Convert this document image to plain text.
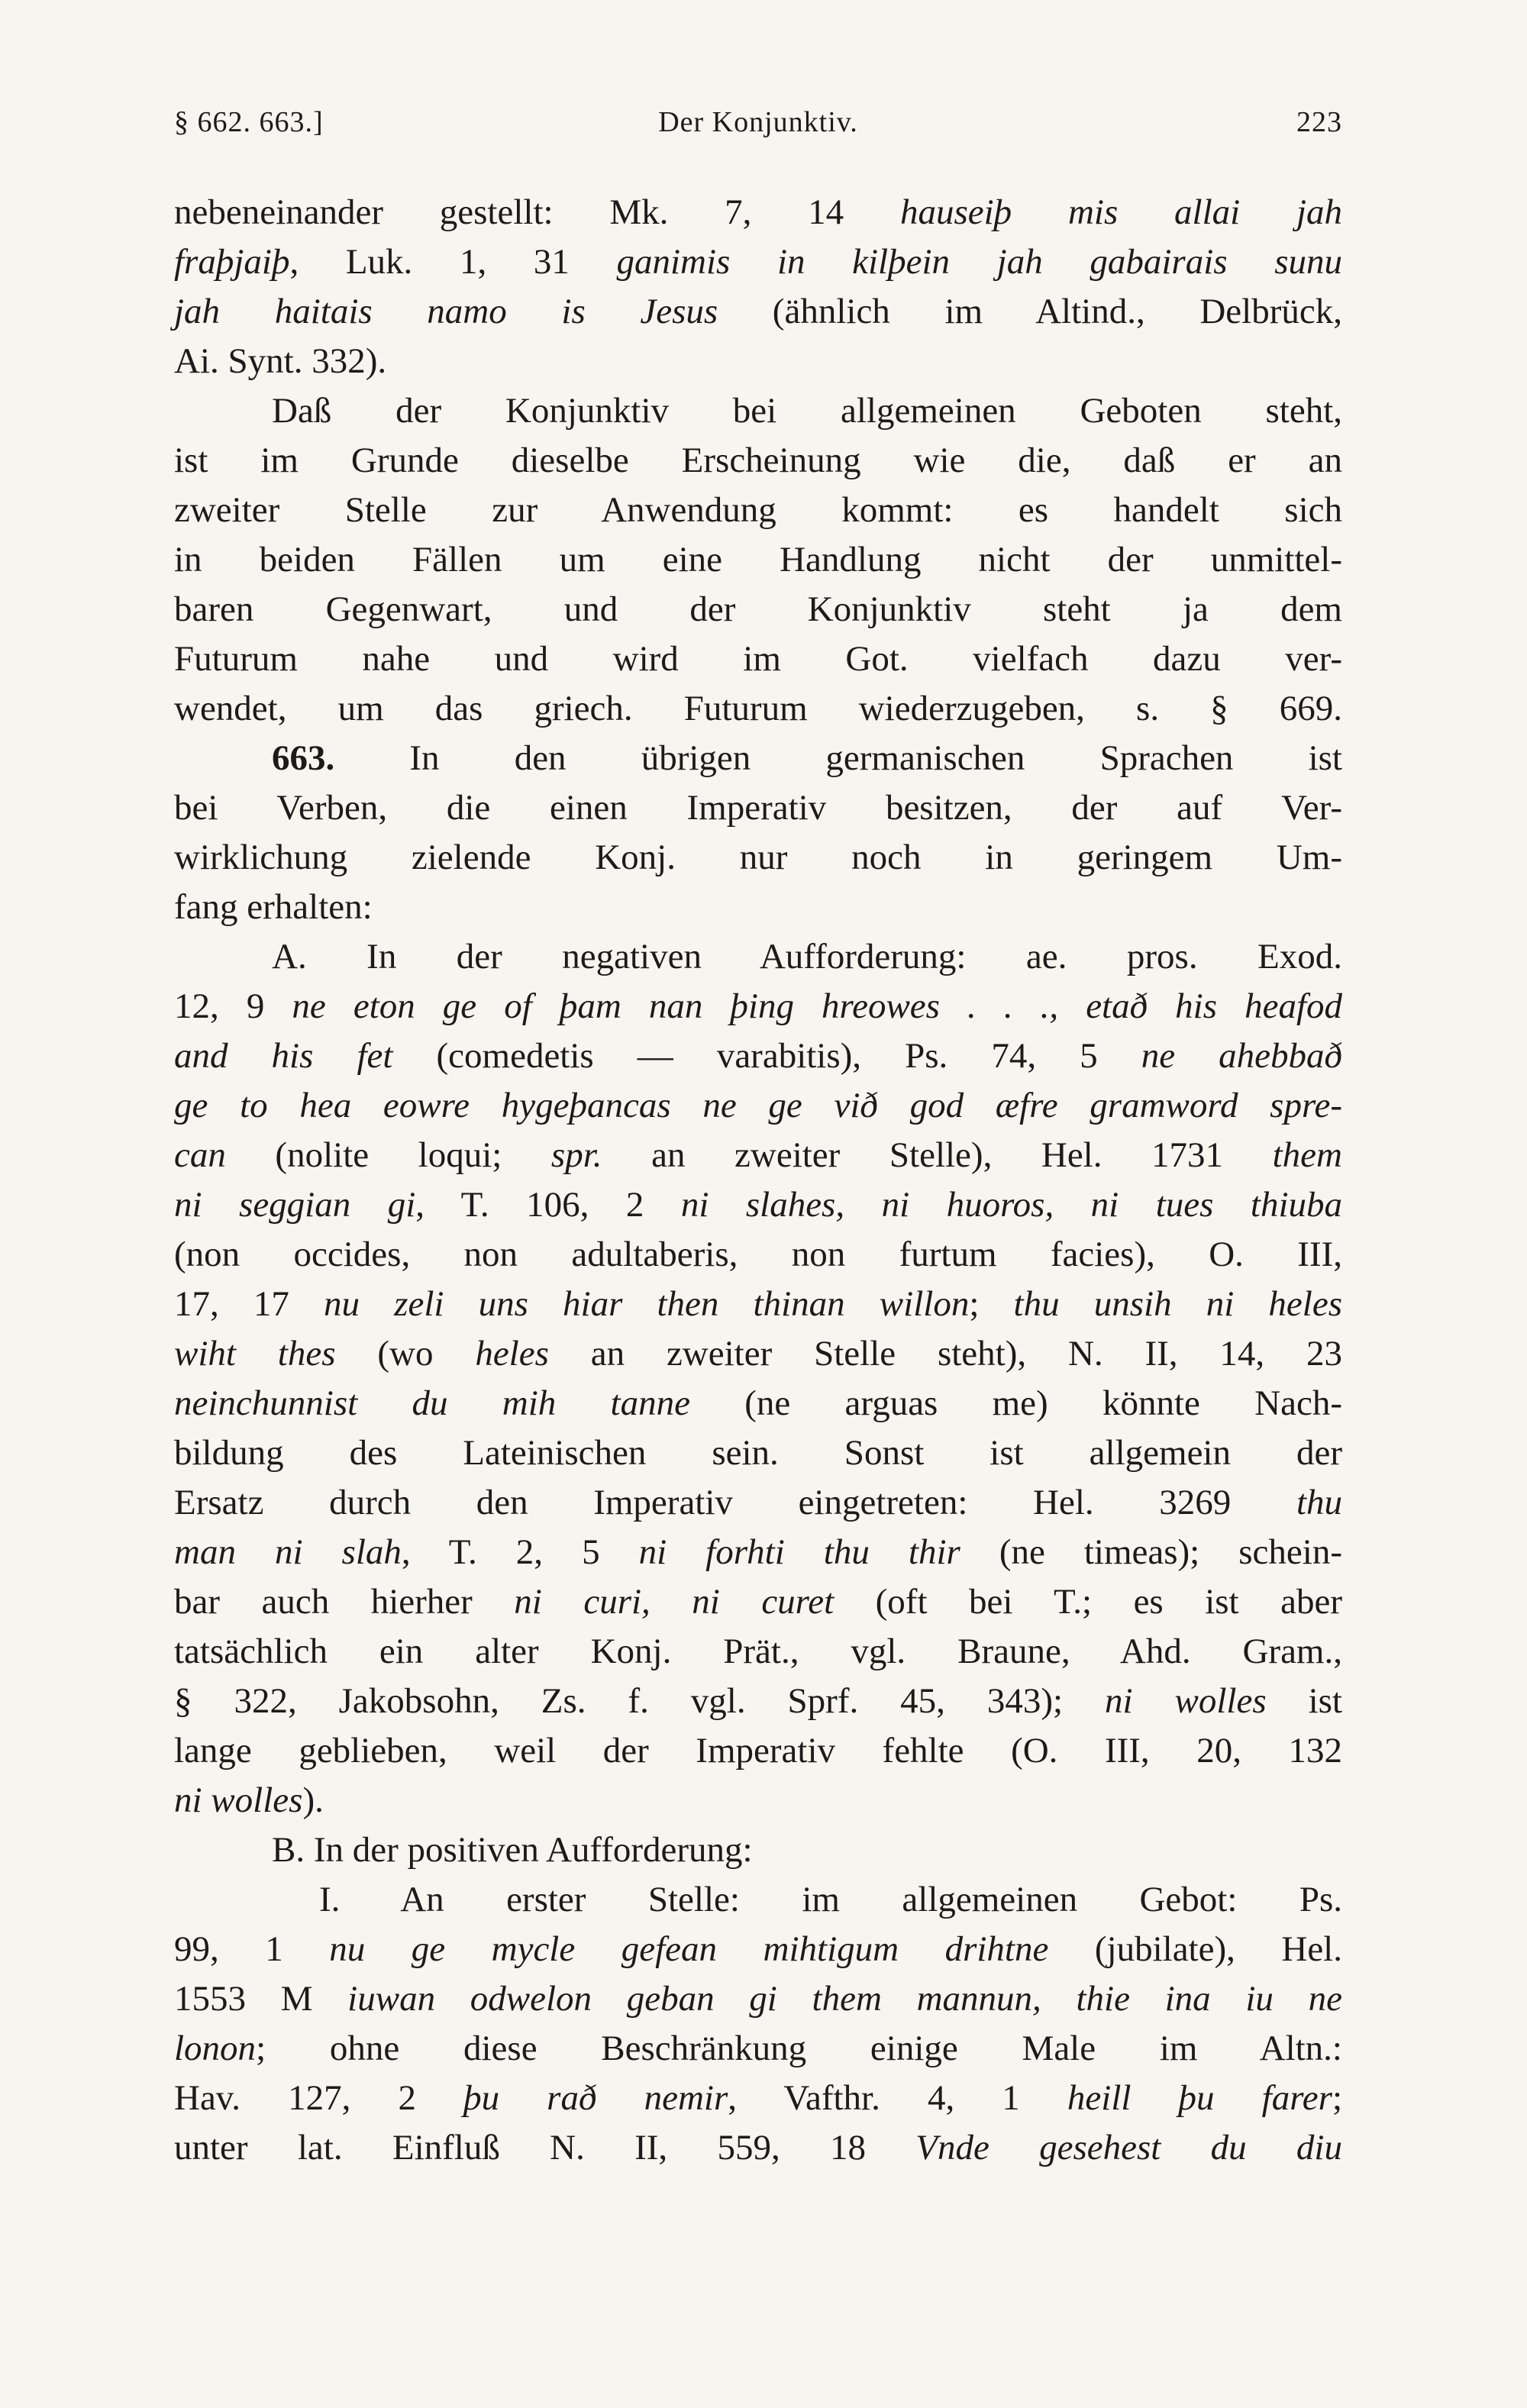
§ 662. 663.]	Der Konjunktiv.	223
nebeneinander gestellt: Mk. 7, 14 hauseiþ mis allai jah
fraþjaiþ, Luk. 1, 31 ganimis in kilþein jah gabairais sunu
jah haitais namo is Jesus (ähnlich im Altind., Delbrück,
Ai. Synt. 332).
Daß der Konjunktiv bei allgemeinen Geboten steht,
ist im Grunde dieselbe Erscheinung wie die, daß er an
zweiter Stelle zur Anwendung kommt: es handelt sich
in beiden Fällen um eine Handlung nicht der unmittel-
baren Gegenwart, und der Konjunktiv steht ja dem
Futurum nahe und wird im Got. vielfach dazu ver-
wendet, um das griech. Futurum wiederzugeben, s. § 669.
663. In den übrigen germanischen Sprachen ist
bei Verben, die einen Imperativ besitzen, der auf Ver-
wirklichung zielende Konj. nur noch in geringem Um-
fang erhalten:
A. In der negativen Aufforderung: ae. pros. Exod.
12, 9 ne eton ge of þam nan þing hreowes . . ., etað his heafod
and his fet (comedetis — varabitis), Ps. 74, 5 ne ahebbað
ge to hea eowre hygeþancas ne ge við god æfre gramword spre-
can (nolite loqui; spr. an zweiter Stelle), Hel. 1731 them
ni seggian gi, T. 106, 2 ni slahes, ni huoros, ni tues thiuba
(non occides, non adultaberis, non furtum facies), O. III,
17, 17 nu zeli uns hiar then thinan willon; thu unsih ni heles
wiht thes (wo heles an zweiter Stelle steht), N. II, 14, 23
neinchunnist du mih tanne (ne arguas me) könnte Nach-
bildung des Lateinischen sein. Sonst ist allgemein der
Ersatz durch den Imperativ eingetreten: Hel. 3269 thu
man ni slah, T. 2, 5 ni forhti thu thir (ne timeas); schein-
bar auch hierher ni curi, ni curet (oft bei T.; es ist aber
tatsächlich ein alter Konj. Prät., vgl. Braune, Ahd. Gram.,
§ 322, Jakobsohn, Zs. f. vgl. Sprf. 45, 343); ni wolles ist
lange geblieben, weil der Imperativ fehlte (O. III, 20, 132
ni wolles).
B. In der positiven Aufforderung:
I. An erster Stelle: im allgemeinen Gebot: Ps.
99, 1 nu ge mycle gefean mihtigum drihtne (jubilate), Hel.
1553 M iuwan odwelon geban gi them mannun, thie ina iu ne
lonon; ohne diese Beschränkung einige Male im Altn.:
Hav. 127, 2 þu rað nemir, Vafthr. 4, 1 heill þu farer;
unter lat. Einfluß N. II, 559, 18 Vnde gesehest du diu
